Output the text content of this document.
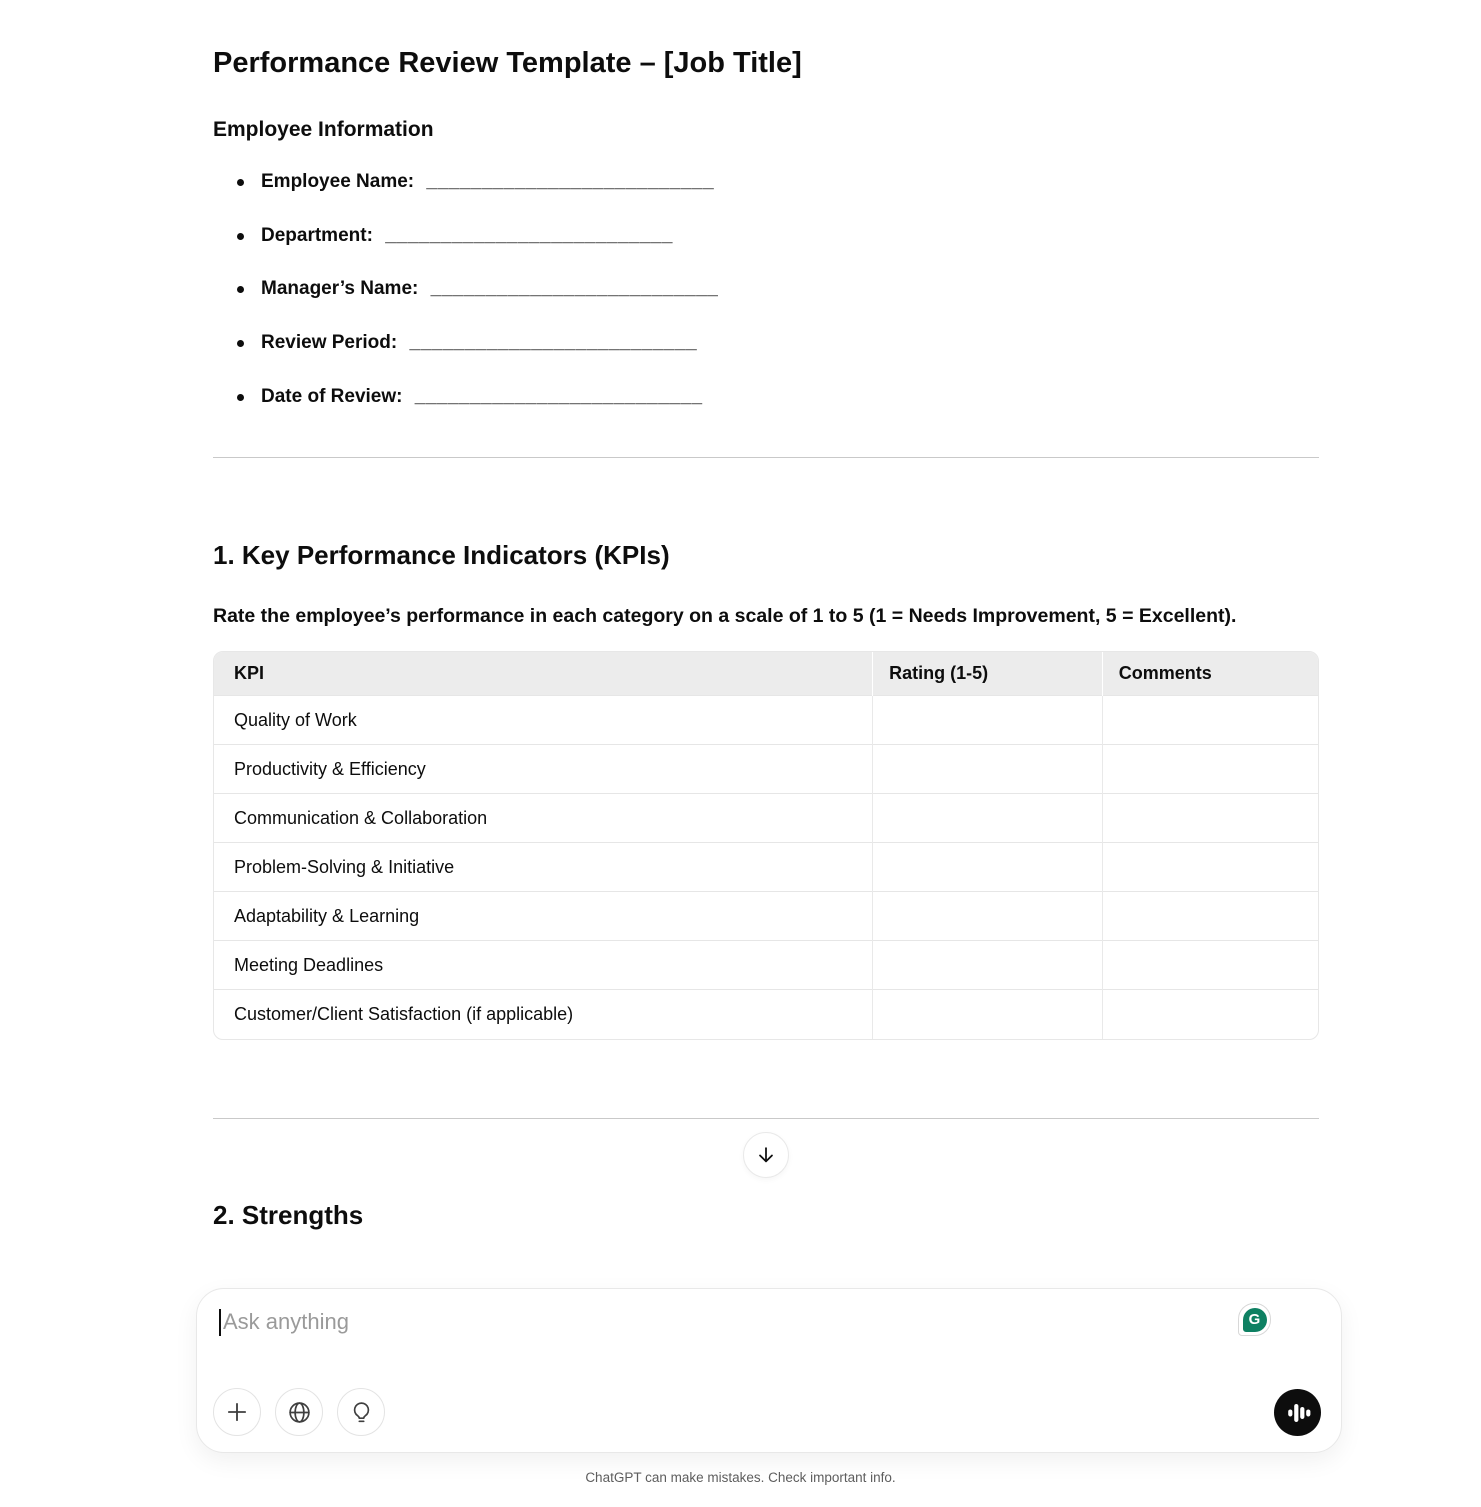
Performance Review Template – [Job Title]
Employee Information
Employee Name: __________________________
Department: __________________________
Manager’s Name: __________________________
Review Period: __________________________
Date of Review: __________________________
1. Key Performance Indicators (KPIs)

Rate the employee’s performance in each category on a scale of 1 to 5 (1 = Needs Improvement, 5 = Excellent).

KPI	Rating (1-5)	Comments
Quality of Work		
Productivity & Efficiency		
Communication & Collaboration		
Problem-Solving & Initiative		
Adaptability & Learning		
Meeting Deadlines		
Customer/Client Satisfaction (if applicable)		
2. Strengths
Ask anything	G
ChatGPT can make mistakes. Check important info.
